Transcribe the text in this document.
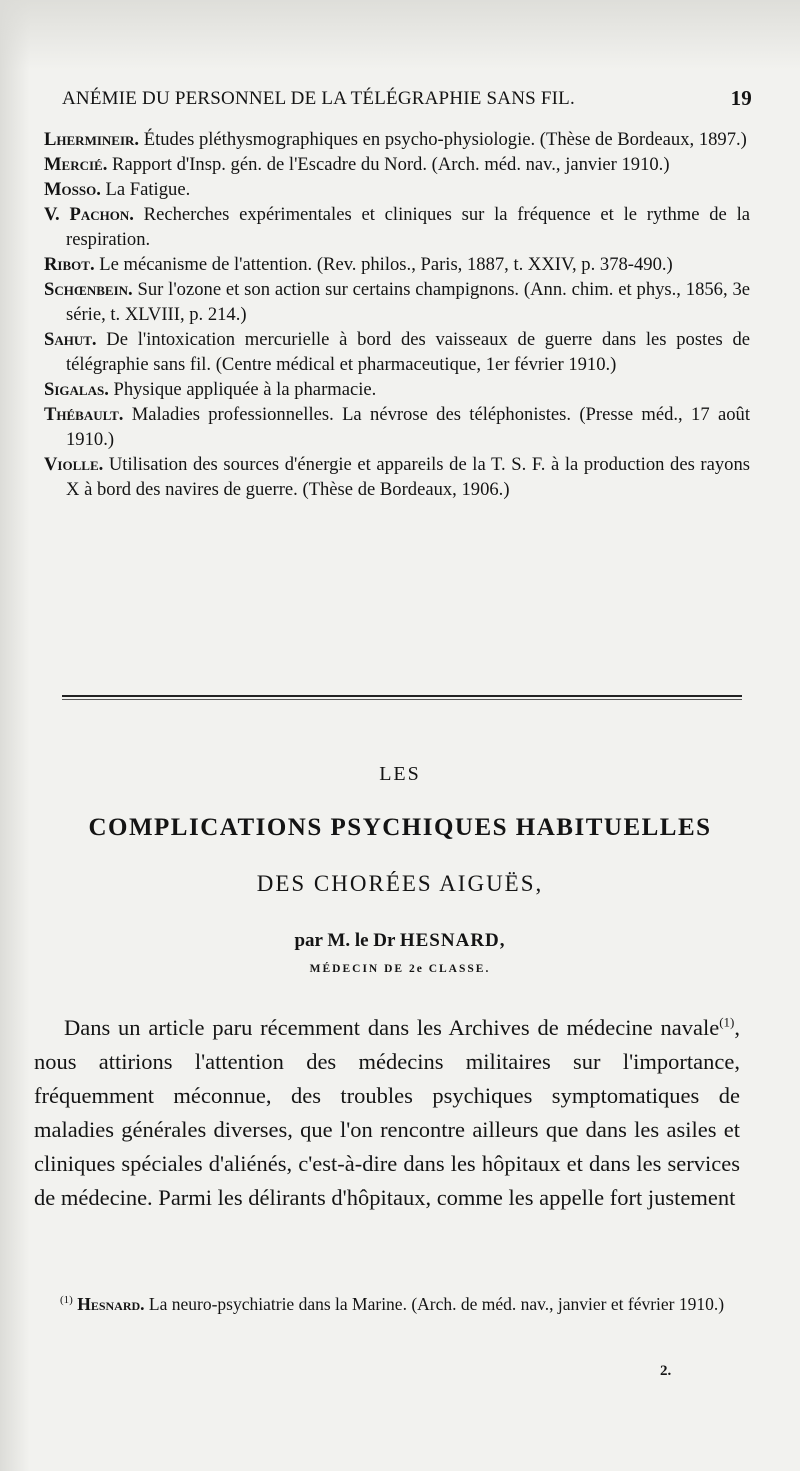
ANÉMIE DU PERSONNEL DE LA TÉLÉGRAPHIE SANS FIL.	19

Lhermineir. Études pléthysmographiques en psycho-physiologie. (Thèse de Bordeaux, 1897.)

Mercié. Rapport d'Insp. gén. de l'Escadre du Nord. (Arch. méd. nav., janvier 1910.)

Mosso. La Fatigue.

V. Pachon. Recherches expérimentales et cliniques sur la fréquence et le rythme de la respiration.

Ribot. Le mécanisme de l'attention. (Rev. philos., Paris, 1887, t. XXIV, p. 378-490.)

Schœnbein. Sur l'ozone et son action sur certains champignons. (Ann. chim. et phys., 1856, 3e série, t. XLVIII, p. 214.)

Sahut. De l'intoxication mercurielle à bord des vaisseaux de guerre dans les postes de télégraphie sans fil. (Centre médical et pharmaceutique, 1er février 1910.)

Sigalas. Physique appliquée à la pharmacie.

Thébault. Maladies professionnelles. La névrose des téléphonistes. (Presse méd., 17 août 1910.)

Violle. Utilisation des sources d'énergie et appareils de la T. S. F. à la production des rayons X à bord des navires de guerre. (Thèse de Bordeaux, 1906.)

LES
COMPLICATIONS PSYCHIQUES HABITUELLES
DES CHORÉES AIGUËS,
par M. le Dr HESNARD,
MÉDECIN DE 2e CLASSE.

Dans un article paru récemment dans les Archives de médecine navale$^{(1)}$, nous attirions l'attention des médecins militaires sur l'importance, fréquemment méconnue, des troubles psychiques symptomatiques de maladies générales diverses, que l'on rencontre ailleurs que dans les asiles et cliniques spéciales d'aliénés, c'est-à-dire dans les hôpitaux et dans les services de médecine. Parmi les délirants d'hôpitaux, comme les appelle fort justement

$^{(1)}$ Hesnard. La neuro-psychiatrie dans la Marine. (Arch. de méd. nav., janvier et février 1910.)

2.
